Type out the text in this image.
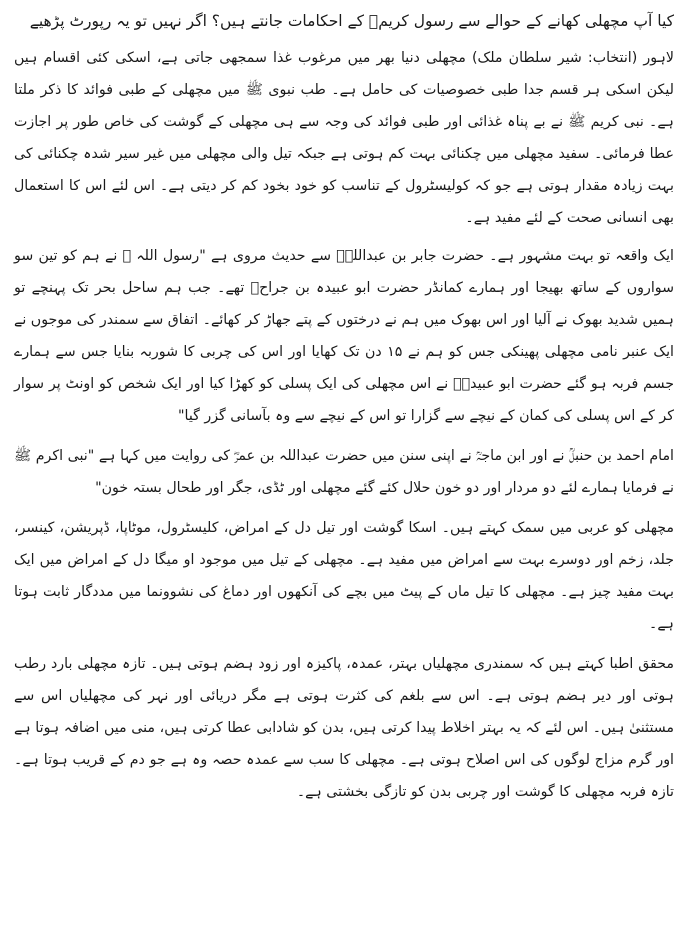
کیا آپ مچھلی کھانے کے حوالے سے رسول کریمؐ کے احکامات جانتے ہیں؟ اگر نہیں تو یہ رپورٹ پڑھیے

لاہور (انتخاب: شیر سلطان ملک) مچھلی دنیا بھر میں مرغوب غذا سمجھی جاتی ہے، اسکی کئی اقسام ہیں لیکن اسکی ہر قسم جدا طبی خصوصیات کی حامل ہے۔ طب نبوی ﷺ میں مچھلی کے طبی فوائد کا ذکر ملتا ہے۔ نبی کریم ﷺ نے بے پناہ غذائی اور طبی فوائد کی وجہ سے ہی مچھلی کے گوشت کی خاص طور پر اجازت عطا فرمائی۔ سفید مچھلی میں چکنائی بہت کم ہوتی ہے جبکہ تیل والی مچھلی میں غیر سیر شدہ چکنائی کی بہت زیادہ مقدار ہوتی ہے جو کہ کولیسٹرول کے تناسب کو خود بخود کم کر دیتی ہے۔ اس لئے اس کا استعمال بھی انسانی صحت کے لئے مفید ہے۔

ایک واقعہ تو بہت مشہور ہے۔ حضرت جابر بن عبداللہؓ سے حدیث مروی ہے "رسول اللہ ﷺ نے ہم کو تین سو سواروں کے ساتھ بھیجا اور ہمارے کمانڈر حضرت ابو عبیدہ بن جراحؓ تھے۔ جب ہم ساحل بحر تک پہنچے تو ہمیں شدید بھوک نے آلیا اور اس بھوک میں ہم نے درختوں کے پتے جھاڑ کر کھائے۔ اتفاق سے سمندر کی موجوں نے ایک عنبر نامی مچھلی پھینکی جس کو ہم نے ۱۵ دن تک کھایا اور اس کی چربی کا شوربہ بنایا جس سے ہمارے جسم فربہ ہو گئے حضرت ابو عبیدہؓ نے اس مچھلی کی ایک پسلی کو کھڑا کیا اور ایک شخص کو اونٹ پر سوار کر کے اس پسلی کی کمان کے نیچے سے گزارا تو اس کے نیچے سے وہ بآسانی گزر گیا"

امام احمد بن حنبلؒ نے اور ابن ماجہؒ نے اپنی سنن میں حضرت عبداللہ بن عمرؓ کی روایت میں کہا ہے "نبی اکرم ﷺ نے فرمایا ہمارے لئے دو مردار اور دو خون حلال کئے گئے مچھلی اور ٹڈی، جگر اور طحال بستہ خون"

مچھلی کو عربی میں سمک کہتے ہیں۔ اسکا گوشت اور تیل دل کے امراض، کلیسٹرول، موٹاپا، ڈپریشن، کینسر، جلد، زخم اور دوسرے بہت سے امراض میں مفید ہے۔ مچھلی کے تیل میں موجود او میگا دل کے امراض میں ایک بہت مفید چیز ہے۔ مچھلی کا تیل ماں کے پیٹ میں بچے کی آنکھوں اور دماغ کی نشوونما میں مددگار ثابت ہوتا ہے۔

محقق اطبا کہتے ہیں کہ سمندری مچھلیاں بہتر، عمدہ، پاکیزہ اور زود ہضم ہوتی ہیں۔ تازہ مچھلی بارد رطب ہوتی اور دیر ہضم ہوتی ہے۔ اس سے بلغم کی کثرت ہوتی ہے مگر دریائی اور نہر کی مچھلیاں اس سے مستثنیٰ ہیں۔ اس لئے کہ یہ بہتر اخلاط پیدا کرتی ہیں، بدن کو شادابی عطا کرتی ہیں، منی میں اضافہ ہوتا ہے اور گرم مزاج لوگوں کی اس اصلاح ہوتی ہے۔ مچھلی کا سب سے عمدہ حصہ وہ ہے جو دم کے قریب ہوتا ہے۔ تازہ فربہ مچھلی کا گوشت اور چربی بدن کو تازگی بخشتی ہے۔
